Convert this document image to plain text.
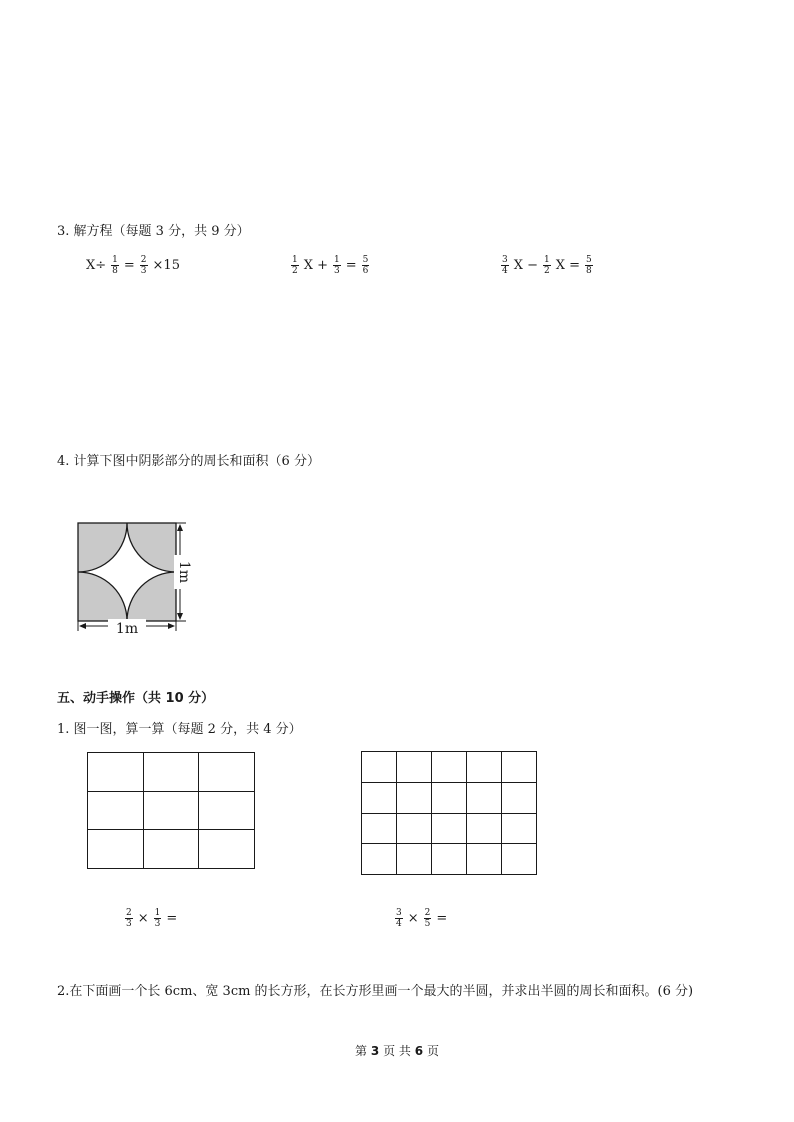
3. 解方程（每题 3 分，共 9 分）
$X\div \frac{1}{8} = \frac{2}{3} \times 15$	$\frac{1}{2}$ $X + \frac{1}{3} = \frac{5}{6}$	$\frac{3}{4}$ $X - \frac{1}{2}$ $X = \frac{5}{8}$
4. 计算下图中阴影部分的周长和面积（6 分）
1m
1m
五、动手操作（共 10 分）
1. 图一图，算一算（每题 2 分，共 4 分）

$\frac{2}{3} \times \frac{1}{3}$ =	$\frac{3}{4} \times \frac{2}{5}$ =
2.在下面画一个长 6cm、宽 3cm 的长方形，在长方形里画一个最大的半圆，并求出半圆的周长和面积。(6 分)
第 3 页 共 6 页
